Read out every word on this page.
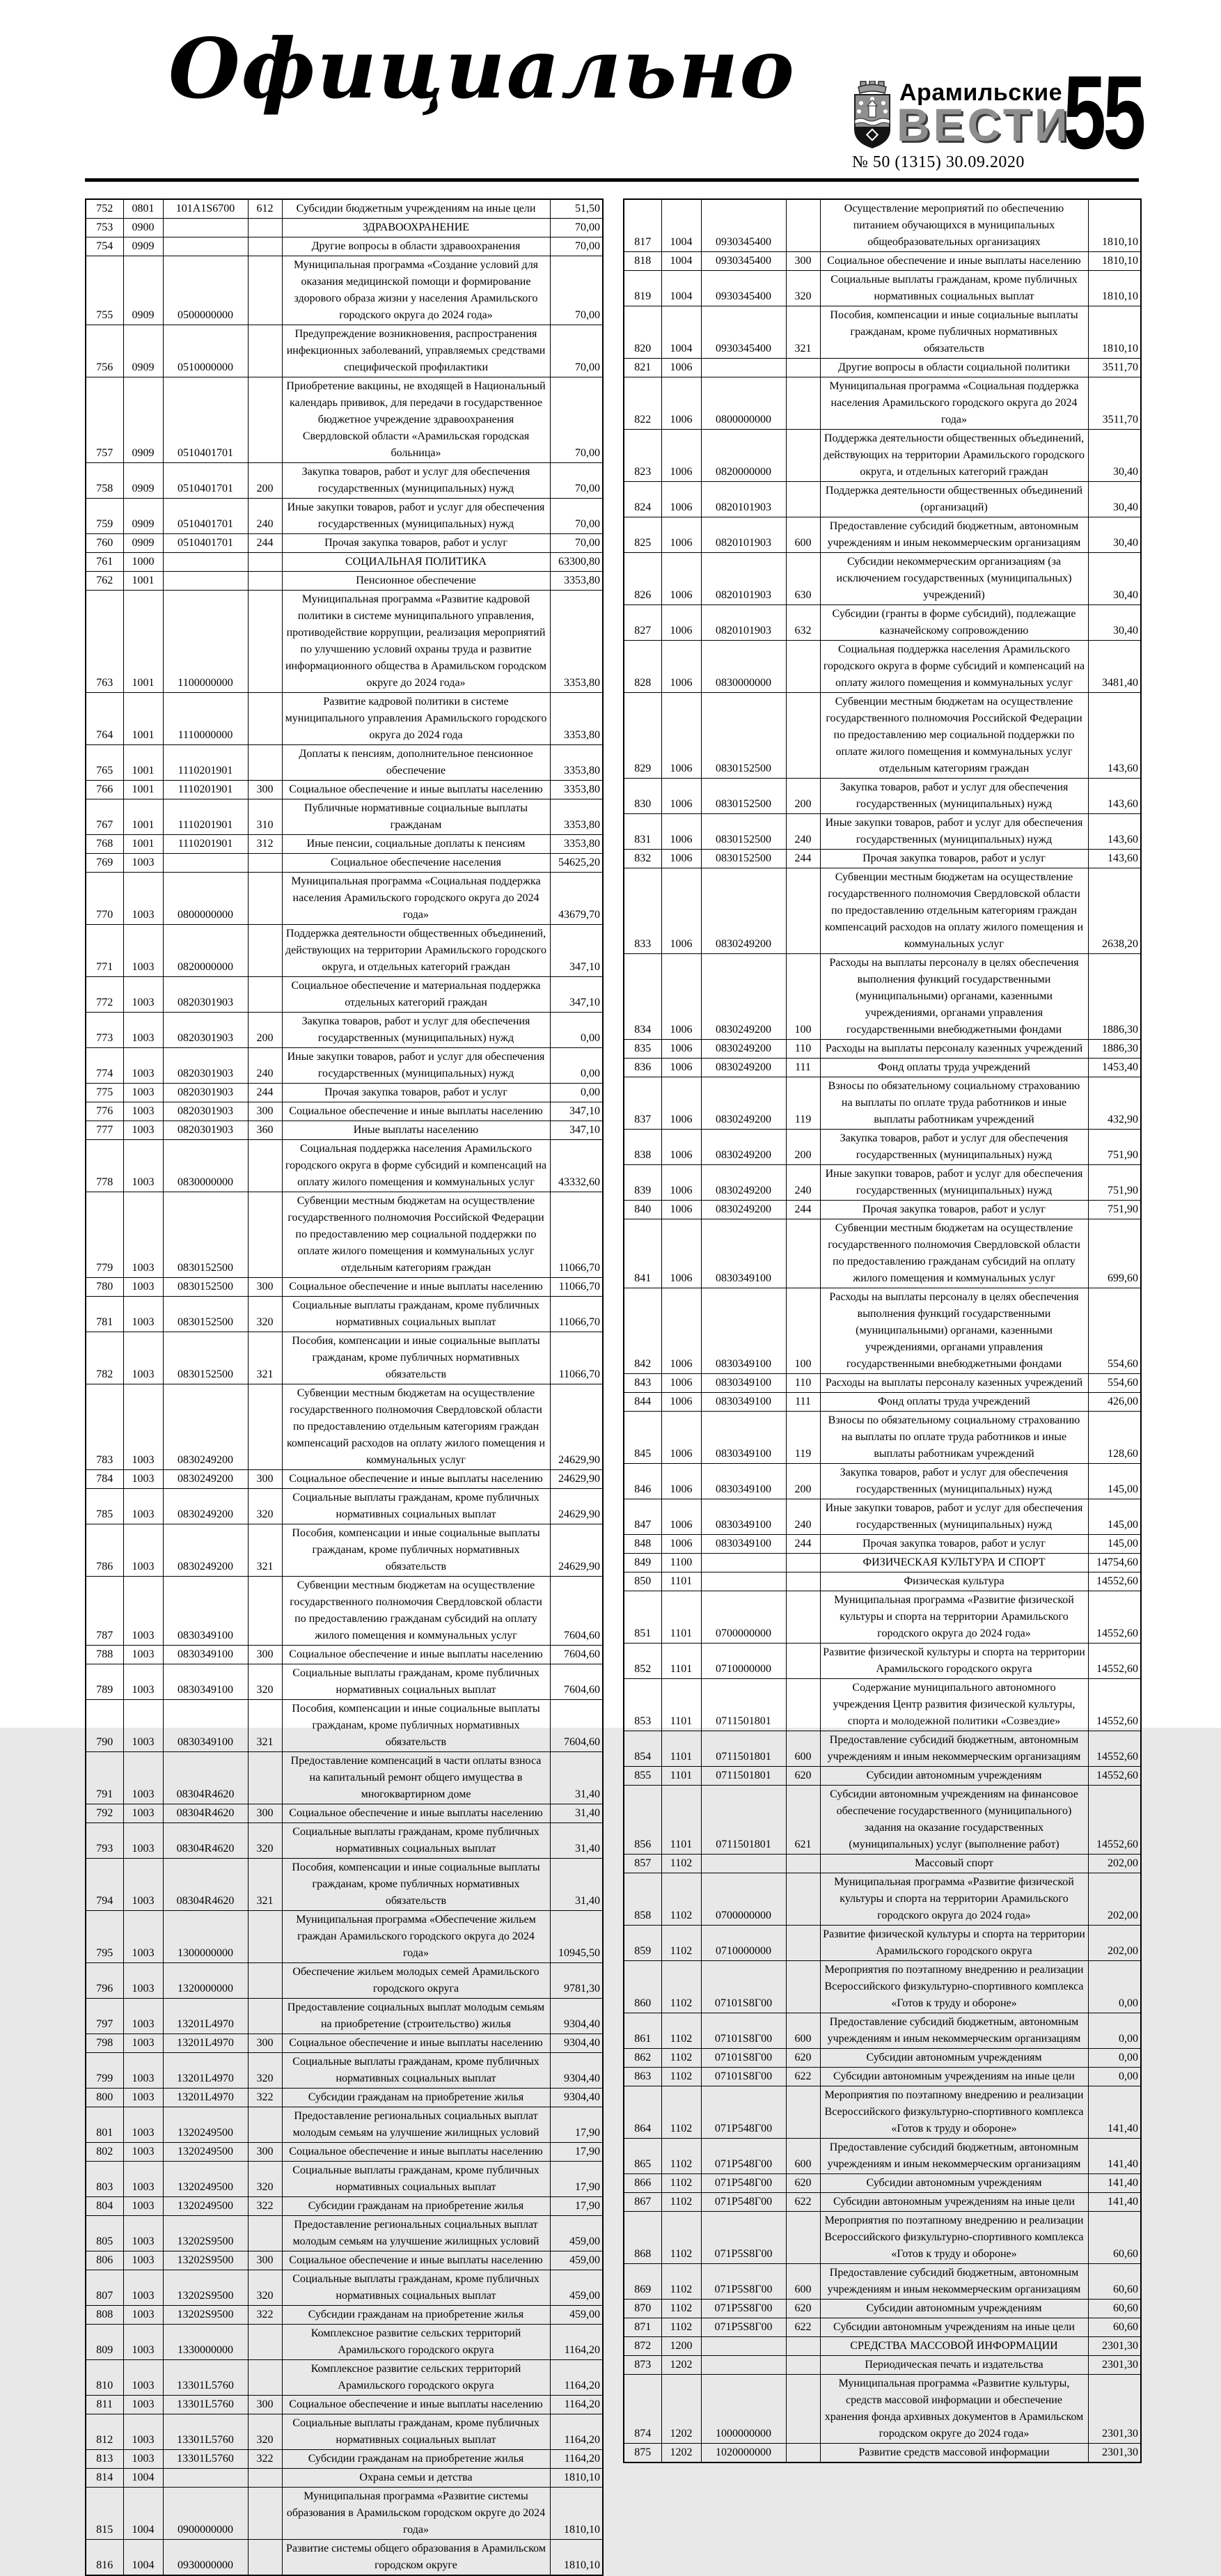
Официально	Арамильские
ВЕСТИ
№ 50 (1315) 30.09.2020 55
752	0801	101A1S6700	612	Субсидии бюджетным учреждениям на иные цели	51,50
753	0900			ЗДРАВООХРАНЕНИЕ	70,00
754	0909			Другие вопросы в области здравоохранения	70,00
755	0909	0500000000		Муниципальная программа «Создание условий для оказания медицинской помощи и формирование здорового образа жизни у населения Арамильского городского округа до 2024 года»	70,00
756	0909	0510000000		Предупреждение возникновения, распространения инфекционных заболеваний, управляемых средствами специфической профилактики	70,00
757	0909	0510401701		Приобретение вакцины, не входящей в Национальный календарь прививок, для передачи в государственное бюджетное учреждение здравоохранения Свердловской области «Арамильская городская больница»	70,00
758	0909	0510401701	200	Закупка товаров, работ и услуг для обеспечения государственных (муниципальных) нужд	70,00
759	0909	0510401701	240	Иные закупки товаров, работ и услуг для обеспечения государственных (муниципальных) нужд	70,00
760	0909	0510401701	244	Прочая закупка товаров, работ и услуг	70,00
761	1000			СОЦИАЛЬНАЯ ПОЛИТИКА	63300,80
762	1001			Пенсионное обеспечение	3353,80
763	1001	1100000000		Муниципальная программа «Развитие кадровой политики в системе муниципального управления, противодействие коррупции, реализация мероприятий по улучшению условий охраны труда и развитие информационного общества в Арамильском городском округе до 2024 года»	3353,80
764	1001	1110000000		Развитие кадровой политики в системе муниципального управления Арамильского городского округа до 2024 года	3353,80
765	1001	1110201901		Доплаты к пенсиям, дополнительное пенсионное обеспечение	3353,80
766	1001	1110201901	300	Социальное обеспечение и иные выплаты населению	3353,80
767	1001	1110201901	310	Публичные нормативные социальные выплаты гражданам	3353,80
768	1001	1110201901	312	Иные пенсии, социальные доплаты к пенсиям	3353,80
769	1003			Социальное обеспечение населения	54625,20
770	1003	0800000000		Муниципальная программа «Социальная поддержка населения Арамильского городского округа до 2024 года»	43679,70
771	1003	0820000000		Поддержка деятельности общественных объединений, действующих на территории Арамильского городского округа, и отдельных категорий граждан	347,10
772	1003	0820301903		Социальное обеспечение и материальная поддержка отдельных категорий граждан	347,10
773	1003	0820301903	200	Закупка товаров, работ и услуг для обеспечения государственных (муниципальных) нужд	0,00
774	1003	0820301903	240	Иные закупки товаров, работ и услуг для обеспечения государственных (муниципальных) нужд	0,00
775	1003	0820301903	244	Прочая закупка товаров, работ и услуг	0,00
776	1003	0820301903	300	Социальное обеспечение и иные выплаты населению	347,10
777	1003	0820301903	360	Иные выплаты населению	347,10
778	1003	0830000000		Социальная поддержка населения Арамильского городского округа в форме субсидий и компенсаций на оплату жилого помещения и коммунальных услуг	43332,60
779	1003	0830152500		Субвенции местным бюджетам на осуществление государственного полномочия Российской Федерации по предоставлению мер социальной поддержки по оплате жилого помещения и коммунальных услуг отдельным категориям граждан	11066,70
780	1003	0830152500	300	Социальное обеспечение и иные выплаты населению	11066,70
781	1003	0830152500	320	Социальные выплаты гражданам, кроме публичных нормативных социальных выплат	11066,70
782	1003	0830152500	321	Пособия, компенсации и иные социальные выплаты гражданам, кроме публичных нормативных обязательств	11066,70
783	1003	0830249200		Субвенции местным бюджетам на осуществление государственного полномочия Свердловской области по предоставлению отдельным категориям граждан компенсаций расходов на оплату жилого помещения и коммунальных услуг	24629,90
784	1003	0830249200	300	Социальное обеспечение и иные выплаты населению	24629,90
785	1003	0830249200	320	Социальные выплаты гражданам, кроме публичных нормативных социальных выплат	24629,90
786	1003	0830249200	321	Пособия, компенсации и иные социальные выплаты гражданам, кроме публичных нормативных обязательств	24629,90
787	1003	0830349100		Субвенции местным бюджетам на осуществление государственного полномочия Свердловской области по предоставлению гражданам субсидий на оплату жилого помещения и коммунальных услуг	7604,60
788	1003	0830349100	300	Социальное обеспечение и иные выплаты населению	7604,60
789	1003	0830349100	320	Социальные выплаты гражданам, кроме публичных нормативных социальных выплат	7604,60
790	1003	0830349100	321	Пособия, компенсации и иные социальные выплаты гражданам, кроме публичных нормативных обязательств	7604,60
791	1003	08304R4620		Предоставление компенсаций в части оплаты взноса на капитальный ремонт общего имущества в многоквартирном доме	31,40
792	1003	08304R4620	300	Социальное обеспечение и иные выплаты населению	31,40
793	1003	08304R4620	320	Социальные выплаты гражданам, кроме публичных нормативных социальных выплат	31,40
794	1003	08304R4620	321	Пособия, компенсации и иные социальные выплаты гражданам, кроме публичных нормативных обязательств	31,40
795	1003	1300000000		Муниципальная программа «Обеспечение жильем граждан Арамильского городского округа до 2024 года»	10945,50
796	1003	1320000000		Обеспечение жильем молодых семей Арамильского городского округа	9781,30
797	1003	13201L4970		Предоставление социальных выплат молодым семьям на приобретение (строительство) жилья	9304,40
798	1003	13201L4970	300	Социальное обеспечение и иные выплаты населению	9304,40
799	1003	13201L4970	320	Социальные выплаты гражданам, кроме публичных нормативных социальных выплат	9304,40
800	1003	13201L4970	322	Субсидии гражданам на приобретение жилья	9304,40
801	1003	1320249500		Предоставление региональных социальных выплат молодым семьям на улучшение жилищных условий	17,90
802	1003	1320249500	300	Социальное обеспечение и иные выплаты населению	17,90
803	1003	1320249500	320	Социальные выплаты гражданам, кроме публичных нормативных социальных выплат	17,90
804	1003	1320249500	322	Субсидии гражданам на приобретение жилья	17,90
805	1003	13202S9500		Предоставление региональных социальных выплат молодым семьям на улучшение жилищных условий	459,00
806	1003	13202S9500	300	Социальное обеспечение и иные выплаты населению	459,00
807	1003	13202S9500	320	Социальные выплаты гражданам, кроме публичных нормативных социальных выплат	459,00
808	1003	13202S9500	322	Субсидии гражданам на приобретение жилья	459,00
809	1003	1330000000		Комплексное развитие сельских территорий Арамильского городского округа	1164,20
810	1003	13301L5760		Комплексное развитие сельских территорий Арамильского городского округа	1164,20
811	1003	13301L5760	300	Социальное обеспечение и иные выплаты населению	1164,20
812	1003	13301L5760	320	Социальные выплаты гражданам, кроме публичных нормативных социальных выплат	1164,20
813	1003	13301L5760	322	Субсидии гражданам на приобретение жилья	1164,20
814	1004			Охрана семьи и детства	1810,10
815	1004	0900000000		Муниципальная программа «Развитие системы образования в Арамильском городском округе до 2024 года»	1810,10
816	1004	0930000000		Развитие системы общего образования в Арамильском городском округе	1810,10
817	1004	0930345400		Осуществление мероприятий по обеспечению питанием обучающихся в муниципальных общеобразовательных организациях	1810,10
818	1004	0930345400	300	Социальное обеспечение и иные выплаты населению	1810,10
819	1004	0930345400	320	Социальные выплаты гражданам, кроме публичных нормативных социальных выплат	1810,10
820	1004	0930345400	321	Пособия, компенсации и иные социальные выплаты гражданам, кроме публичных нормативных обязательств	1810,10
821	1006			Другие вопросы в области социальной политики	3511,70
822	1006	0800000000		Муниципальная программа «Социальная поддержка населения Арамильского городского округа до 2024 года»	3511,70
823	1006	0820000000		Поддержка деятельности общественных объединений, действующих на территории Арамильского городского округа, и отдельных категорий граждан	30,40
824	1006	0820101903		Поддержка деятельности общественных объединений (организаций)	30,40
825	1006	0820101903	600	Предоставление субсидий бюджетным, автономным учреждениям и иным некоммерческим организациям	30,40
826	1006	0820101903	630	Субсидии некоммерческим организациям (за исключением государственных (муниципальных) учреждений)	30,40
827	1006	0820101903	632	Субсидии (гранты в форме субсидий), подлежащие казначейскому сопровождению	30,40
828	1006	0830000000		Социальная поддержка населения Арамильского городского округа в форме субсидий и компенсаций на оплату жилого помещения и коммунальных услуг	3481,40
829	1006	0830152500		Субвенции местным бюджетам на осуществление государственного полномочия Российской Федерации по предоставлению мер социальной поддержки по оплате жилого помещения и коммунальных услуг отдельным категориям граждан	143,60
830	1006	0830152500	200	Закупка товаров, работ и услуг для обеспечения государственных (муниципальных) нужд	143,60
831	1006	0830152500	240	Иные закупки товаров, работ и услуг для обеспечения государственных (муниципальных) нужд	143,60
832	1006	0830152500	244	Прочая закупка товаров, работ и услуг	143,60
833	1006	0830249200		Субвенции местным бюджетам на осуществление государственного полномочия Свердловской области по предоставлению отдельным категориям граждан компенсаций расходов на оплату жилого помещения и коммунальных услуг	2638,20
834	1006	0830249200	100	Расходы на выплаты персоналу в целях обеспечения выполнения функций государственными (муниципальными) органами, казенными учреждениями, органами управления государственными внебюджетными фондами	1886,30
835	1006	0830249200	110	Расходы на выплаты персоналу казенных учреждений	1886,30
836	1006	0830249200	111	Фонд оплаты труда учреждений	1453,40
837	1006	0830249200	119	Взносы по обязательному социальному страхованию на выплаты по оплате труда работников и иные выплаты работникам учреждений	432,90
838	1006	0830249200	200	Закупка товаров, работ и услуг для обеспечения государственных (муниципальных) нужд	751,90
839	1006	0830249200	240	Иные закупки товаров, работ и услуг для обеспечения государственных (муниципальных) нужд	751,90
840	1006	0830249200	244	Прочая закупка товаров, работ и услуг	751,90
841	1006	0830349100		Субвенции местным бюджетам на осуществление государственного полномочия Свердловской области по предоставлению гражданам субсидий на оплату жилого помещения и коммунальных услуг	699,60
842	1006	0830349100	100	Расходы на выплаты персоналу в целях обеспечения выполнения функций государственными (муниципальными) органами, казенными учреждениями, органами управления государственными внебюджетными фондами	554,60
843	1006	0830349100	110	Расходы на выплаты персоналу казенных учреждений	554,60
844	1006	0830349100	111	Фонд оплаты труда учреждений	426,00
845	1006	0830349100	119	Взносы по обязательному социальному страхованию на выплаты по оплате труда работников и иные выплаты работникам учреждений	128,60
846	1006	0830349100	200	Закупка товаров, работ и услуг для обеспечения государственных (муниципальных) нужд	145,00
847	1006	0830349100	240	Иные закупки товаров, работ и услуг для обеспечения государственных (муниципальных) нужд	145,00
848	1006	0830349100	244	Прочая закупка товаров, работ и услуг	145,00
849	1100			ФИЗИЧЕСКАЯ КУЛЬТУРА И СПОРТ	14754,60
850	1101			Физическая культура	14552,60
851	1101	0700000000		Муниципальная программа «Развитие физической культуры и спорта на территории Арамильского городского округа до 2024 года»	14552,60
852	1101	0710000000		Развитие физической культуры и спорта на территории Арамильского городского округа	14552,60
853	1101	0711501801		Содержание муниципального автономного учреждения Центр развития физической культуры, спорта и молодежной политики «Созвездие»	14552,60
854	1101	0711501801	600	Предоставление субсидий бюджетным, автономным учреждениям и иным некоммерческим организациям	14552,60
855	1101	0711501801	620	Субсидии автономным учреждениям	14552,60
856	1101	0711501801	621	Субсидии автономным учреждениям на финансовое обеспечение государственного (муниципального) задания на оказание государственных (муниципальных) услуг (выполнение работ)	14552,60
857	1102			Массовый спорт	202,00
858	1102	0700000000		Муниципальная программа «Развитие физической культуры и спорта на территории Арамильского городского округа до 2024 года»	202,00
859	1102	0710000000		Развитие физической культуры и спорта на территории Арамильского городского округа	202,00
860	1102	07101S8Г00		Мероприятия по поэтапному внедрению и реализации Всероссийского физкультурно-спортивного комплекса «Готов к труду и обороне»	0,00
861	1102	07101S8Г00	600	Предоставление субсидий бюджетным, автономным учреждениям и иным некоммерческим организациям	0,00
862	1102	07101S8Г00	620	Субсидии автономным учреждениям	0,00
863	1102	07101S8Г00	622	Субсидии автономным учреждениям на иные цели	0,00
864	1102	071P548Г00		Мероприятия по поэтапному внедрению и реализации Всероссийского физкультурно-спортивного комплекса «Готов к труду и обороне»	141,40
865	1102	071P548Г00	600	Предоставление субсидий бюджетным, автономным учреждениям и иным некоммерческим организациям	141,40
866	1102	071P548Г00	620	Субсидии автономным учреждениям	141,40
867	1102	071P548Г00	622	Субсидии автономным учреждениям на иные цели	141,40
868	1102	071P5S8Г00		Мероприятия по поэтапному внедрению и реализации Всероссийского физкультурно-спортивного комплекса «Готов к труду и обороне»	60,60
869	1102	071P5S8Г00	600	Предоставление субсидий бюджетным, автономным учреждениям и иным некоммерческим организациям	60,60
870	1102	071P5S8Г00	620	Субсидии автономным учреждениям	60,60
871	1102	071P5S8Г00	622	Субсидии автономным учреждениям на иные цели	60,60
872	1200			СРЕДСТВА МАССОВОЙ ИНФОРМАЦИИ	2301,30
873	1202			Периодическая печать и издательства	2301,30
874	1202	1000000000		Муниципальная программа «Развитие культуры, средств массовой информации и обеспечение хранения фонда архивных документов в Арамильском городском округе до 2024 года»	2301,30
875	1202	1020000000		Развитие средств массовой информации	2301,30
